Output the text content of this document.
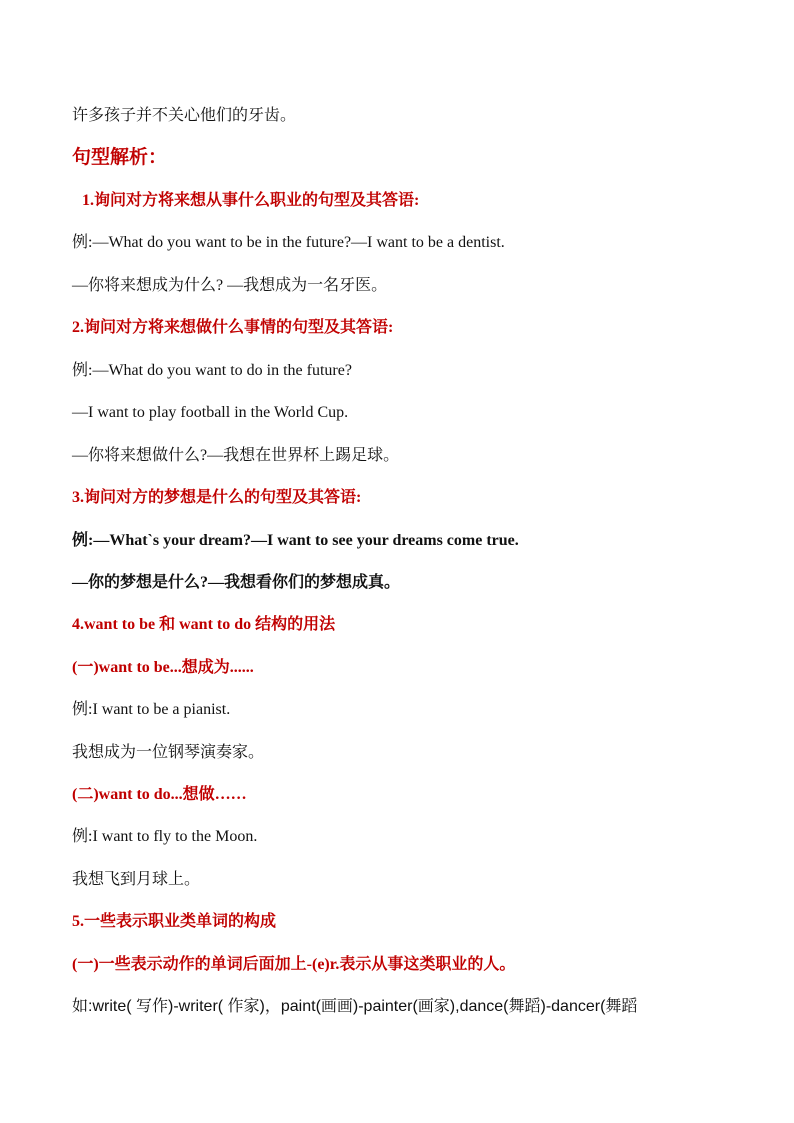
许多孩子并不关心他们的牙齿。
句型解析：
1.询问对方将来想从事什么职业的句型及其答语:
例:—What do you want to be in the future?—I want to be a dentist.
—你将来想成为什么? —我想成为一名牙医。
2.询问对方将来想做什么事情的句型及其答语:
例:—What do you want to do in the future?
—I want to play football in the World Cup.
—你将来想做什么?—我想在世界杯上踢足球。
3.询问对方的梦想是什么的句型及其答语:
例:—What`s your dream?—I want to see your dreams come true.
—你的梦想是什么?—我想看你们的梦想成真。
4.want to be 和 want to do 结构的用法
(一)want to be...想成为......
例:I want to be a pianist.
我想成为一位钢琴演奏家。
(二)want to do...想做……
例:I want to fly to the Moon.
我想飞到月球上。
5.一些表示职业类单词的构成
(一)一些表示动作的单词后面加上-(e)r.表示从事这类职业的人。
如:write( 写作)-writer( 作家)，paint(画画)-painter(画家),dance(舞蹈)-dancer(舞蹈
